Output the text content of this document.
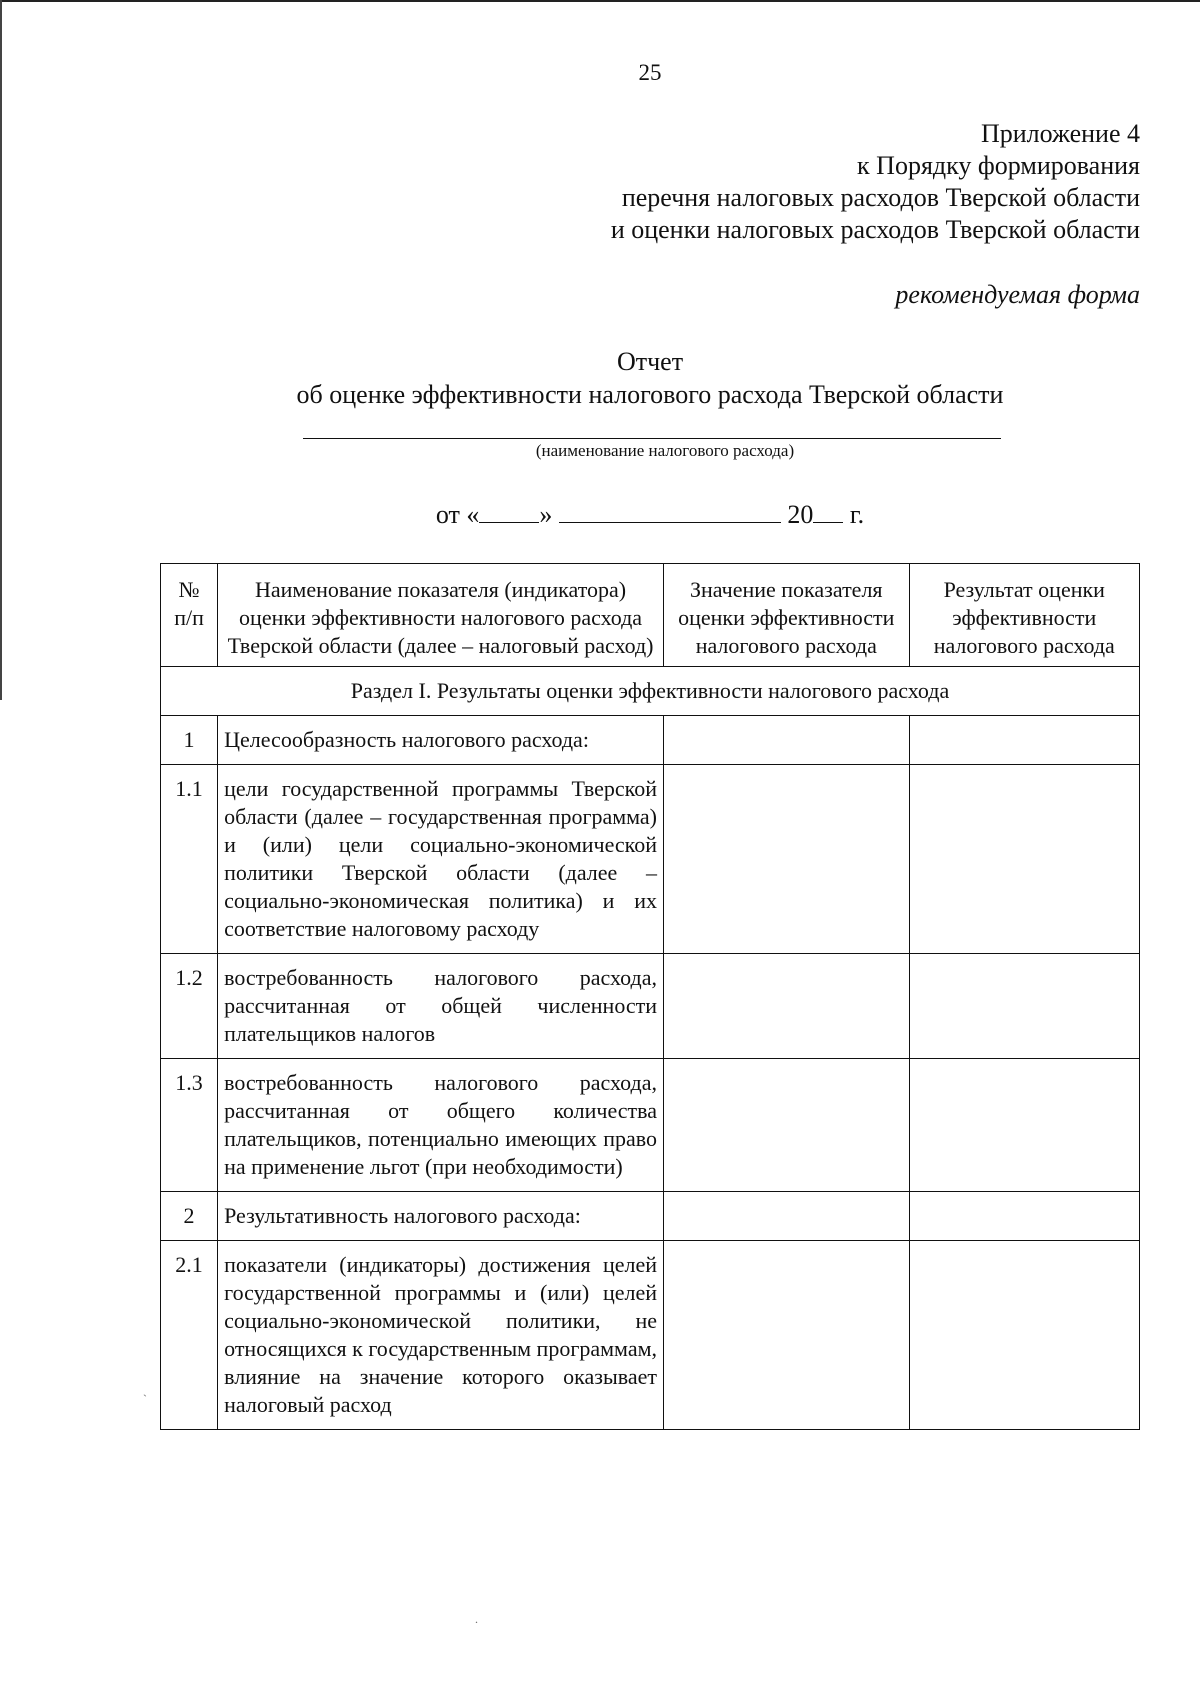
25
Приложение 4
к Порядку формирования
перечня налоговых расходов Тверской области
и оценки налоговых расходов Тверской области
рекомендуемая форма
Отчет
об оценке эффективности налогового расхода Тверской области
(наименование налогового расхода)
от « »	20 г.
№ п/п	Наименование показателя (индикатора) оценки эффективности налогового расхода Тверской области (далее – налоговый расход)	Значение показателя оценки эффективности налогового расхода	Результат оценки эффективности налогового расхода
Раздел I. Результаты оценки эффективности налогового расхода			
1	Целесообразность налогового расхода:		
1.1	цели государственной программы Тверской области (далее – государственная программа) и (или) цели социально-экономической политики Тверской области (далее – социально-экономическая политика) и их соответствие налоговому расходу		
1.2	востребованность налогового расхода, рассчитанная от общей численности плательщиков налогов		
1.3	востребованность налогового расхода, рассчитанная от общего количества плательщиков, потенциально имеющих право на применение льгот (при необходимости)		
2	Результативность налогового расхода:		
2.1	показатели (индикаторы) достижения целей государственной программы и (или) целей социально-экономической политики, не относящихся к государственным программам, влияние на значение которого оказывает налоговый расход		
`
.
